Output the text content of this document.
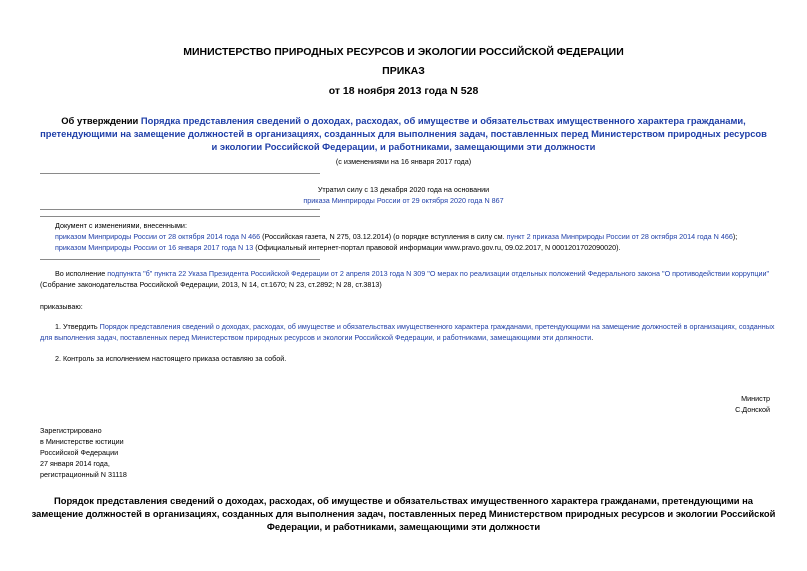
МИНИСТЕРСТВО ПРИРОДНЫХ РЕСУРСОВ И ЭКОЛОГИИ РОССИЙСКОЙ ФЕДЕРАЦИИ
ПРИКАЗ
от 18 ноября 2013 года N 528
Об утверждении Порядка представления сведений о доходах, расходах, об имуществе и обязательствах имущественного характера гражданами, претендующими на замещение должностей в организациях, созданных для выполнения задач, поставленных перед Министерством природных ресурсов и экологии Российской Федерации, и работниками, замещающими эти должности
(с изменениями на 16 января 2017 года)
Утратил силу с 13 декабря 2020 года на основании
приказа Минприроды России от 29 октября 2020 года N 867
Документ с изменениями, внесенными:
приказом Минприроды России от 28 октября 2014 года N 466 (Российская газета, N 275, 03.12.2014) (о порядке вступления в силу см. пункт 2 приказа Минприроды России от 28 октября 2014 года N 466);
приказом Минприроды России от 16 января 2017 года N 13 (Официальный интернет-портал правовой информации www.pravo.gov.ru, 09.02.2017, N 0001201702090020).
Во исполнение подпункта "б" пункта 22 Указа Президента Российской Федерации от 2 апреля 2013 года N 309 "О мерах по реализации отдельных положений Федерального закона "О противодействии коррупции" (Собрание законодательства Российской Федерации, 2013, N 14, ст.1670; N 23, ст.2892; N 28, ст.3813)
приказываю:
1. Утвердить Порядок представления сведений о доходах, расходах, об имуществе и обязательствах имущественного характера гражданами, претендующими на замещение должностей в организациях, созданных для выполнения задач, поставленных перед Министерством природных ресурсов и экологии Российской Федерации, и работниками, замещающими эти должности.
2. Контроль за исполнением настоящего приказа оставляю за собой.
Министр
С.Донской
Зарегистрировано
в Министерстве юстиции
Российской Федерации
27 января 2014 года,
регистрационный N 31118
Порядок представления сведений о доходах, расходах, об имуществе и обязательствах имущественного характера гражданами, претендующими на замещение должностей в организациях, созданных для выполнения задач, поставленных перед Министерством природных ресурсов и экологии Российской Федерации, и работниками, замещающими эти должности
